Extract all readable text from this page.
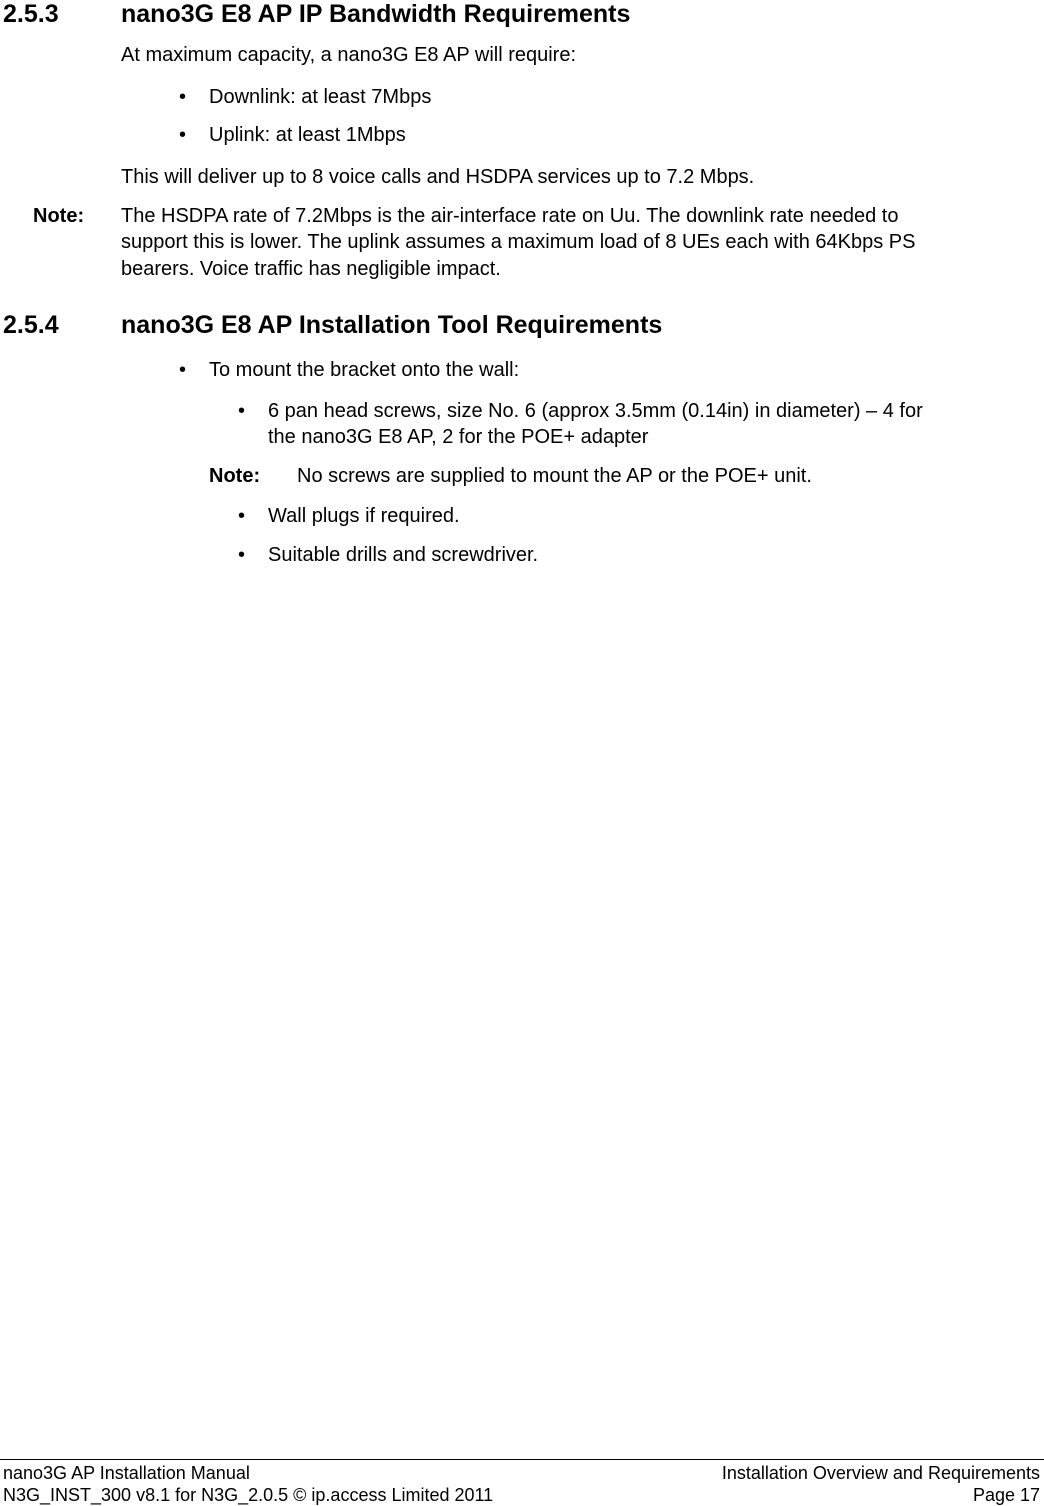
2.5.3 nano3G E8 AP IP Bandwidth Requirements
At maximum capacity, a nano3G E8 AP will require:
• Downlink: at least 7Mbps
• Uplink: at least 1Mbps
This will deliver up to 8 voice calls and HSDPA services up to 7.2 Mbps.
Note: The HSDPA rate of 7.2Mbps is the air-interface rate on Uu. The downlink rate needed to
support this is lower. The uplink assumes a maximum load of 8 UEs each with 64Kbps PS
bearers. Voice traffic has negligible impact.
2.5.4 nano3G E8 AP Installation Tool Requirements
• To mount the bracket onto the wall:
• 6 pan head screws, size No. 6 (approx 3.5mm (0.14in) in diameter) – 4 for
the nano3G E8 AP, 2 for the POE+ adapter
Note: No screws are supplied to mount the AP or the POE+ unit.
• Wall plugs if required.
• Suitable drills and screwdriver.
nano3G AP Installation Manual
N3G_INST_300 v8.1 for N3G_2.0.5 © ip.access Limited 2011
Installation Overview and Requirements
Page 17
